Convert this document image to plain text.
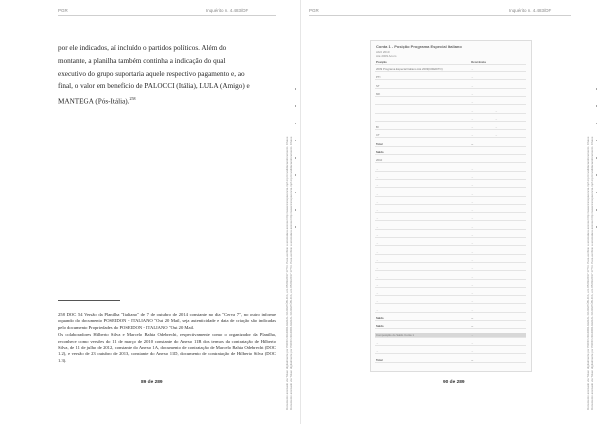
PGR	Inquérito n. 4.483/DF
por ele indicados, aí incluído o partidos políticos. Além do
montante, a planilha também continha a indicação do qual
executivo do grupo suportaria aquele respectivo pagamento e, ao
final, o valor em benefício de PALOCCI (Itália), LULA (Amigo) e
MANTEGA (Pós-Itália).$^{258}$

258 DOC 54 Versão da Planilha "Italiano" de 7 de outubro de 2014 constante no dia "Cerva 7", no outro informe oquando do documento POSEIDON - ITALIANO "Out 20 Mail, seja autenticidade e data de criação são indicadas pelo documento Propriedades do POSEIDON - ITALIANO "Out 20 Mail.

Os colaboradores Hilberto Silva e Marcelo Bahia Odebrecht, respectivamente como o organizador da Planilha, reconhece como versões do 11 de março de 2010 constante do Anexo 11B dos termos da contratação de Hilberto Silva, de 11 de julho de 2012, constante do Anexo 1A, documento de contratação de Marcelo Bahia Odebrecht (DOC 1.2), e versão de 23 outubro de 2013, constante do Anexo 11D, documento de contratação de Hilberto Silva (DOC 1.3).

89 de 289	Documento assinado via Token digitalmente por PROCURADOR-GERAL DA REPÚBLICA, em 05/09/2017 17:53. Para verificar a assinatura acesse http://www.transparencia.mpf.mp.br/validacaodocumento. Chave Documento assinado via Token digitalmente por PROCURADOR-GERAL DA REPÚBLICA, em 05/09/2017 17:53. Para verificar a assinatura acesse http://www.transparencia.mpf.mp.br/validacaodocumento. Chave
PGR	Inquérito n. 4.483/DF
90 de 289	Documento assinado via Token digitalmente por PROCURADOR-GERAL DA REPÚBLICA, em 05/09/2017 17:53. Para verificar a assinatura acesse http://www.transparencia.mpf.mp.br/validacaodocumento. Chave Documento assinado via Token digitalmente por PROCURADOR-GERAL DA REPÚBLICA, em 05/09/2017 17:53. Para verificar a assinatura acesse http://www.transparencia.mpf.mp.br/validacaodocumento. Chave
Conta 1 - Posição Programa Especial Italiano
Abril 2010
Até 2009 Acum
Posição	Ocorrência
2009 Programa Especial Italiano Até 2009(CREDITO)	...
PTI	...
ST	...
MK	...
...
...	...
...	...
BI	...	...
CT	...	...
Total	...
Saldo
2010
...	...
...	...
...	...
...	...
...	...
...	...
...	...
...	...
...	...
...	...
...	...
...	...
...	...
...	...
...	...
...	...
...	...
...	...
Saldo	...
Saldo	...
Composição do Saldo Conta 1	...
...	...
...	...
Total	...
